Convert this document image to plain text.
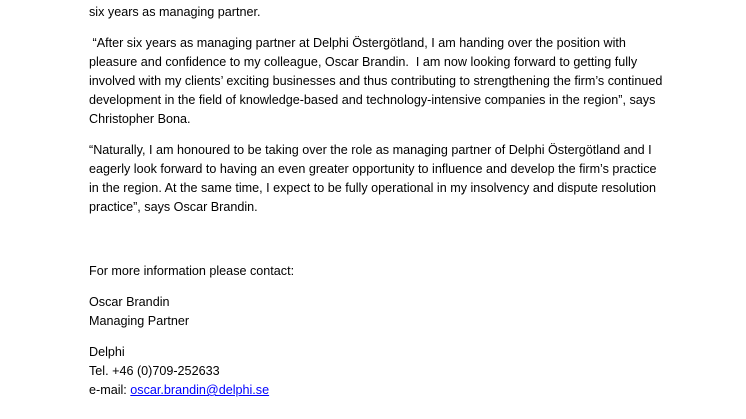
six years as managing partner.

“After six years as managing partner at Delphi Östergötland, I am handing over the position with pleasure and confidence to my colleague, Oscar Brandin.  I am now looking forward to getting fully involved with my clients’ exciting businesses and thus contributing to strengthening the firm’s continued development in the field of knowledge-based and technology-intensive companies in the region”, says Christopher Bona.

“Naturally, I am honoured to be taking over the role as managing partner of Delphi Östergötland and I eagerly look forward to having an even greater opportunity to influence and develop the firm’s practice in the region. At the same time, I expect to be fully operational in my insolvency and dispute resolution practice”, says Oscar Brandin.

For more information please contact:

Oscar Brandin
Managing Partner
Delphi
Tel. +46 (0)709-252633
e-mail: oscar.brandin@delphi.se
